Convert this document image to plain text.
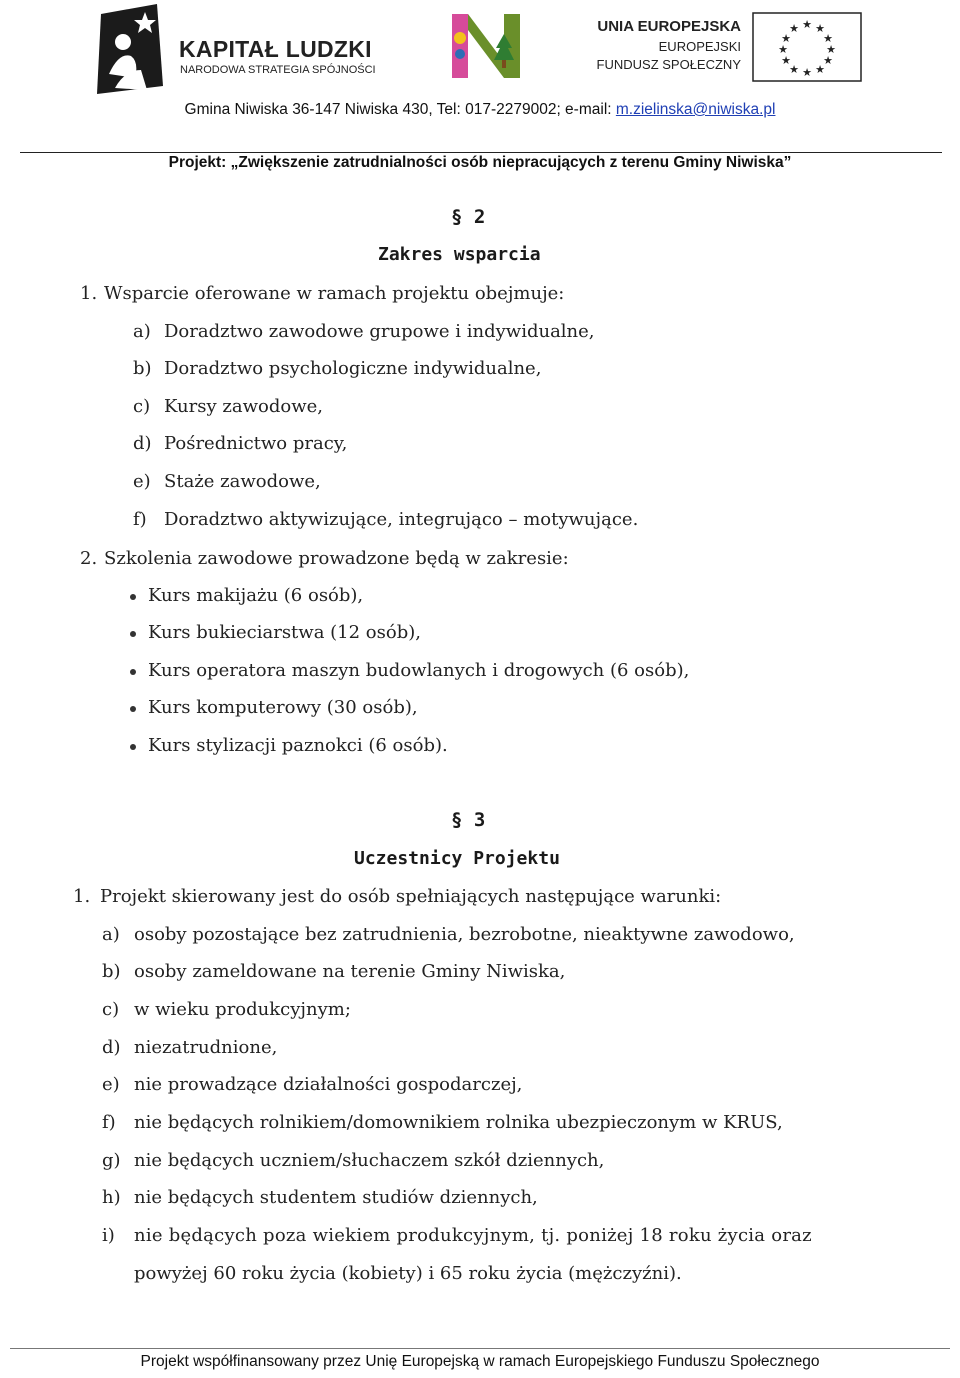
KAPITAŁ LUDZKI
NARODOWA STRATEGIA SPÓJNOŚCI
UNIA EUROPEJSKA
EUROPEJSKI
FUNDUSZ SPOŁECZNY
★ ★
★
★
★
★
★
★
★
★
★
★
Gmina Niwiska 36-147 Niwiska 430, Tel: 017-2279002; e-mail: m.zielinska@niwiska.pl
Projekt: „Zwiększenie zatrudnialności osób niepracujących z terenu Gminy Niwiska”
§ 2
Zakres wsparcia
1. Wsparcie oferowane w ramach projektu obejmuje:
a) Doradztwo zawodowe grupowe i indywidualne,
b) Doradztwo psychologiczne indywidualne,
c) Kursy zawodowe,
d) Pośrednictwo pracy,
e) Staże zawodowe,
f) Doradztwo aktywizujące, integrująco – motywujące.
2. Szkolenia zawodowe prowadzone będą w zakresie:
Kurs makijażu (6 osób),
Kurs bukieciarstwa (12 osób),
Kurs operatora maszyn budowlanych i drogowych (6 osób),
Kurs komputerowy (30 osób),
Kurs stylizacji paznokci (6 osób).
§ 3
Uczestnicy Projektu
1. Projekt skierowany jest do osób spełniających następujące warunki:
a) osoby pozostające bez zatrudnienia, bezrobotne, nieaktywne zawodowo,
b) osoby zameldowane na terenie Gminy Niwiska,
c) w wieku produkcyjnym;
d) niezatrudnione,
e) nie prowadzące działalności gospodarczej,
f) nie będących rolnikiem/domownikiem rolnika ubezpieczonym w KRUS,
g) nie będących uczniem/słuchaczem szkół dziennych,
h) nie będących studentem studiów dziennych,
i) nie będących poza wiekiem produkcyjnym, tj. poniżej 18 roku życia oraz
powyżej 60 roku życia (kobiety) i 65 roku życia (mężczyźni).
Projekt współfinansowany przez Unię Europejską w ramach Europejskiego Funduszu Społecznego
